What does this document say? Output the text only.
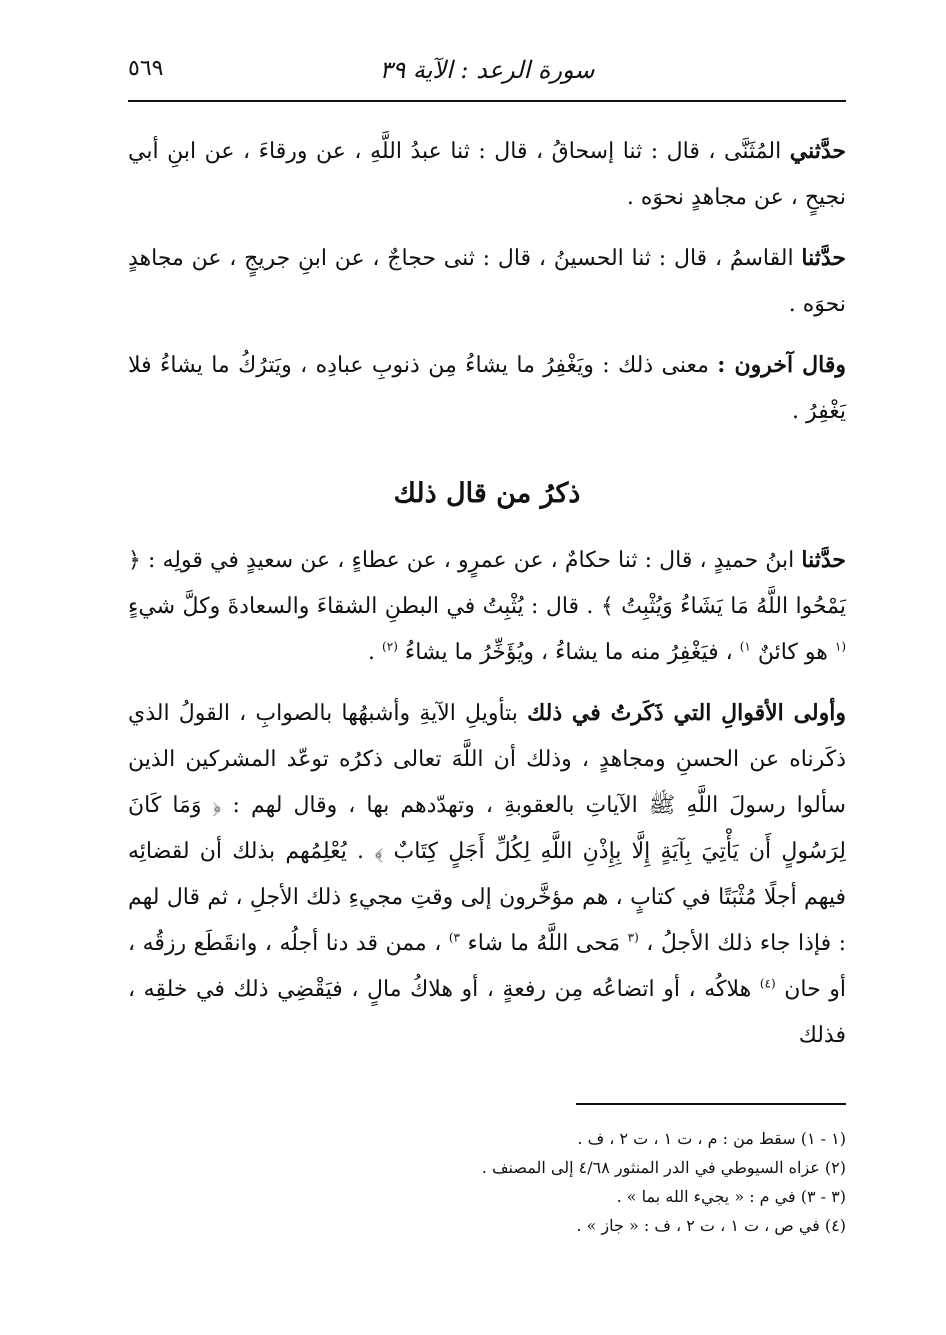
سورة الرعد : الآية ٣٩
٥٦٩

حدَّثني المُثَنَّى ، قال : ثنا إسحاقُ ، قال : ثنا عبدُ اللَّهِ ، عن ورقاءَ ، عن ابنِ أبي نجيحٍ ، عن مجاهدٍ نحوَه .

حدَّثنا القاسمُ ، قال : ثنا الحسينُ ، قال : ثنى حجاجٌ ، عن ابنِ جريجٍ ، عن مجاهدٍ نحوَه .

وقال آخرون : معنى ذلك : ويَغْفِرُ ما يشاءُ مِن ذنوبِ عبادِه ، ويَترُكُ ما يشاءُ فلا يَغْفِرُ .

ذكرُ من قال ذلك

حدَّثنا ابنُ حميدٍ ، قال : ثنا حكامٌ ، عن عمرٍو ، عن عطاءٍ ، عن سعيدٍ في قولِه : ﴿ يَمْحُوا اللَّهُ مَا يَشَاءُ وَيُثْبِتُ ﴾ . قال : يُثْبِتُ في البطنِ الشقاءَ والسعادةَ وكلَّ شيءٍ $^{(١}$ هو كائنٌ $^{١)}$ ، فيَغْفِرُ منه ما يشاءُ ، ويُؤَخِّرُ ما يشاءُ $^{(٢)}$ .

وأولى الأقوالِ التي ذَكَرتُ في ذلك بتأويلِ الآيةِ وأشبهُها بالصوابِ ، القولُ الذي ذكَرناه عن الحسنِ ومجاهدٍ ، وذلك أن اللَّهَ تعالى ذكرُه توعّد المشركين الذين سألوا رسولَ اللَّهِ ﷺ الآياتِ بالعقوبةِ ، وتهدّدهم بها ، وقال لهم : ﴿ وَمَا كَانَ لِرَسُولٍ أَن يَأْتِيَ بِآيَةٍ إِلَّا بِإِذْنِ اللَّهِ لِكُلِّ أَجَلٍ كِتَابٌ ﴾ . يُعْلِمُهم بذلك أن لقضائِه فيهم أجلًا مُثْبَتًا في كتابٍ ، هم مؤخَّرون إلى وقتِ مجيءِ ذلك الأجلِ ، ثم قال لهم : فإذا جاء ذلك الأجلُ ، $^{(٣}$ مَحى اللَّهُ ما شاء $^{٣)}$ ، ممن قد دنا أجلُه ، وانقَطَع رزقُه ، أو حان $^{(٤)}$ هلاكُه ، أو اتضاعُه مِن رفعةٍ ، أو هلاكُ مالٍ ، فيَقْضِي ذلك في خلقِه ، فذلك

(١ - ١) سقط من : م ، ت ١ ، ت ٢ ، ف .
(٢) عزاه السيوطي في الدر المنثور ٤/٦٨ إلى المصنف .
(٣ - ٣) في م : « يجيء الله بما » .
(٤) في ص ، ت ١ ، ت ٢ ، ف : « جاز » .
